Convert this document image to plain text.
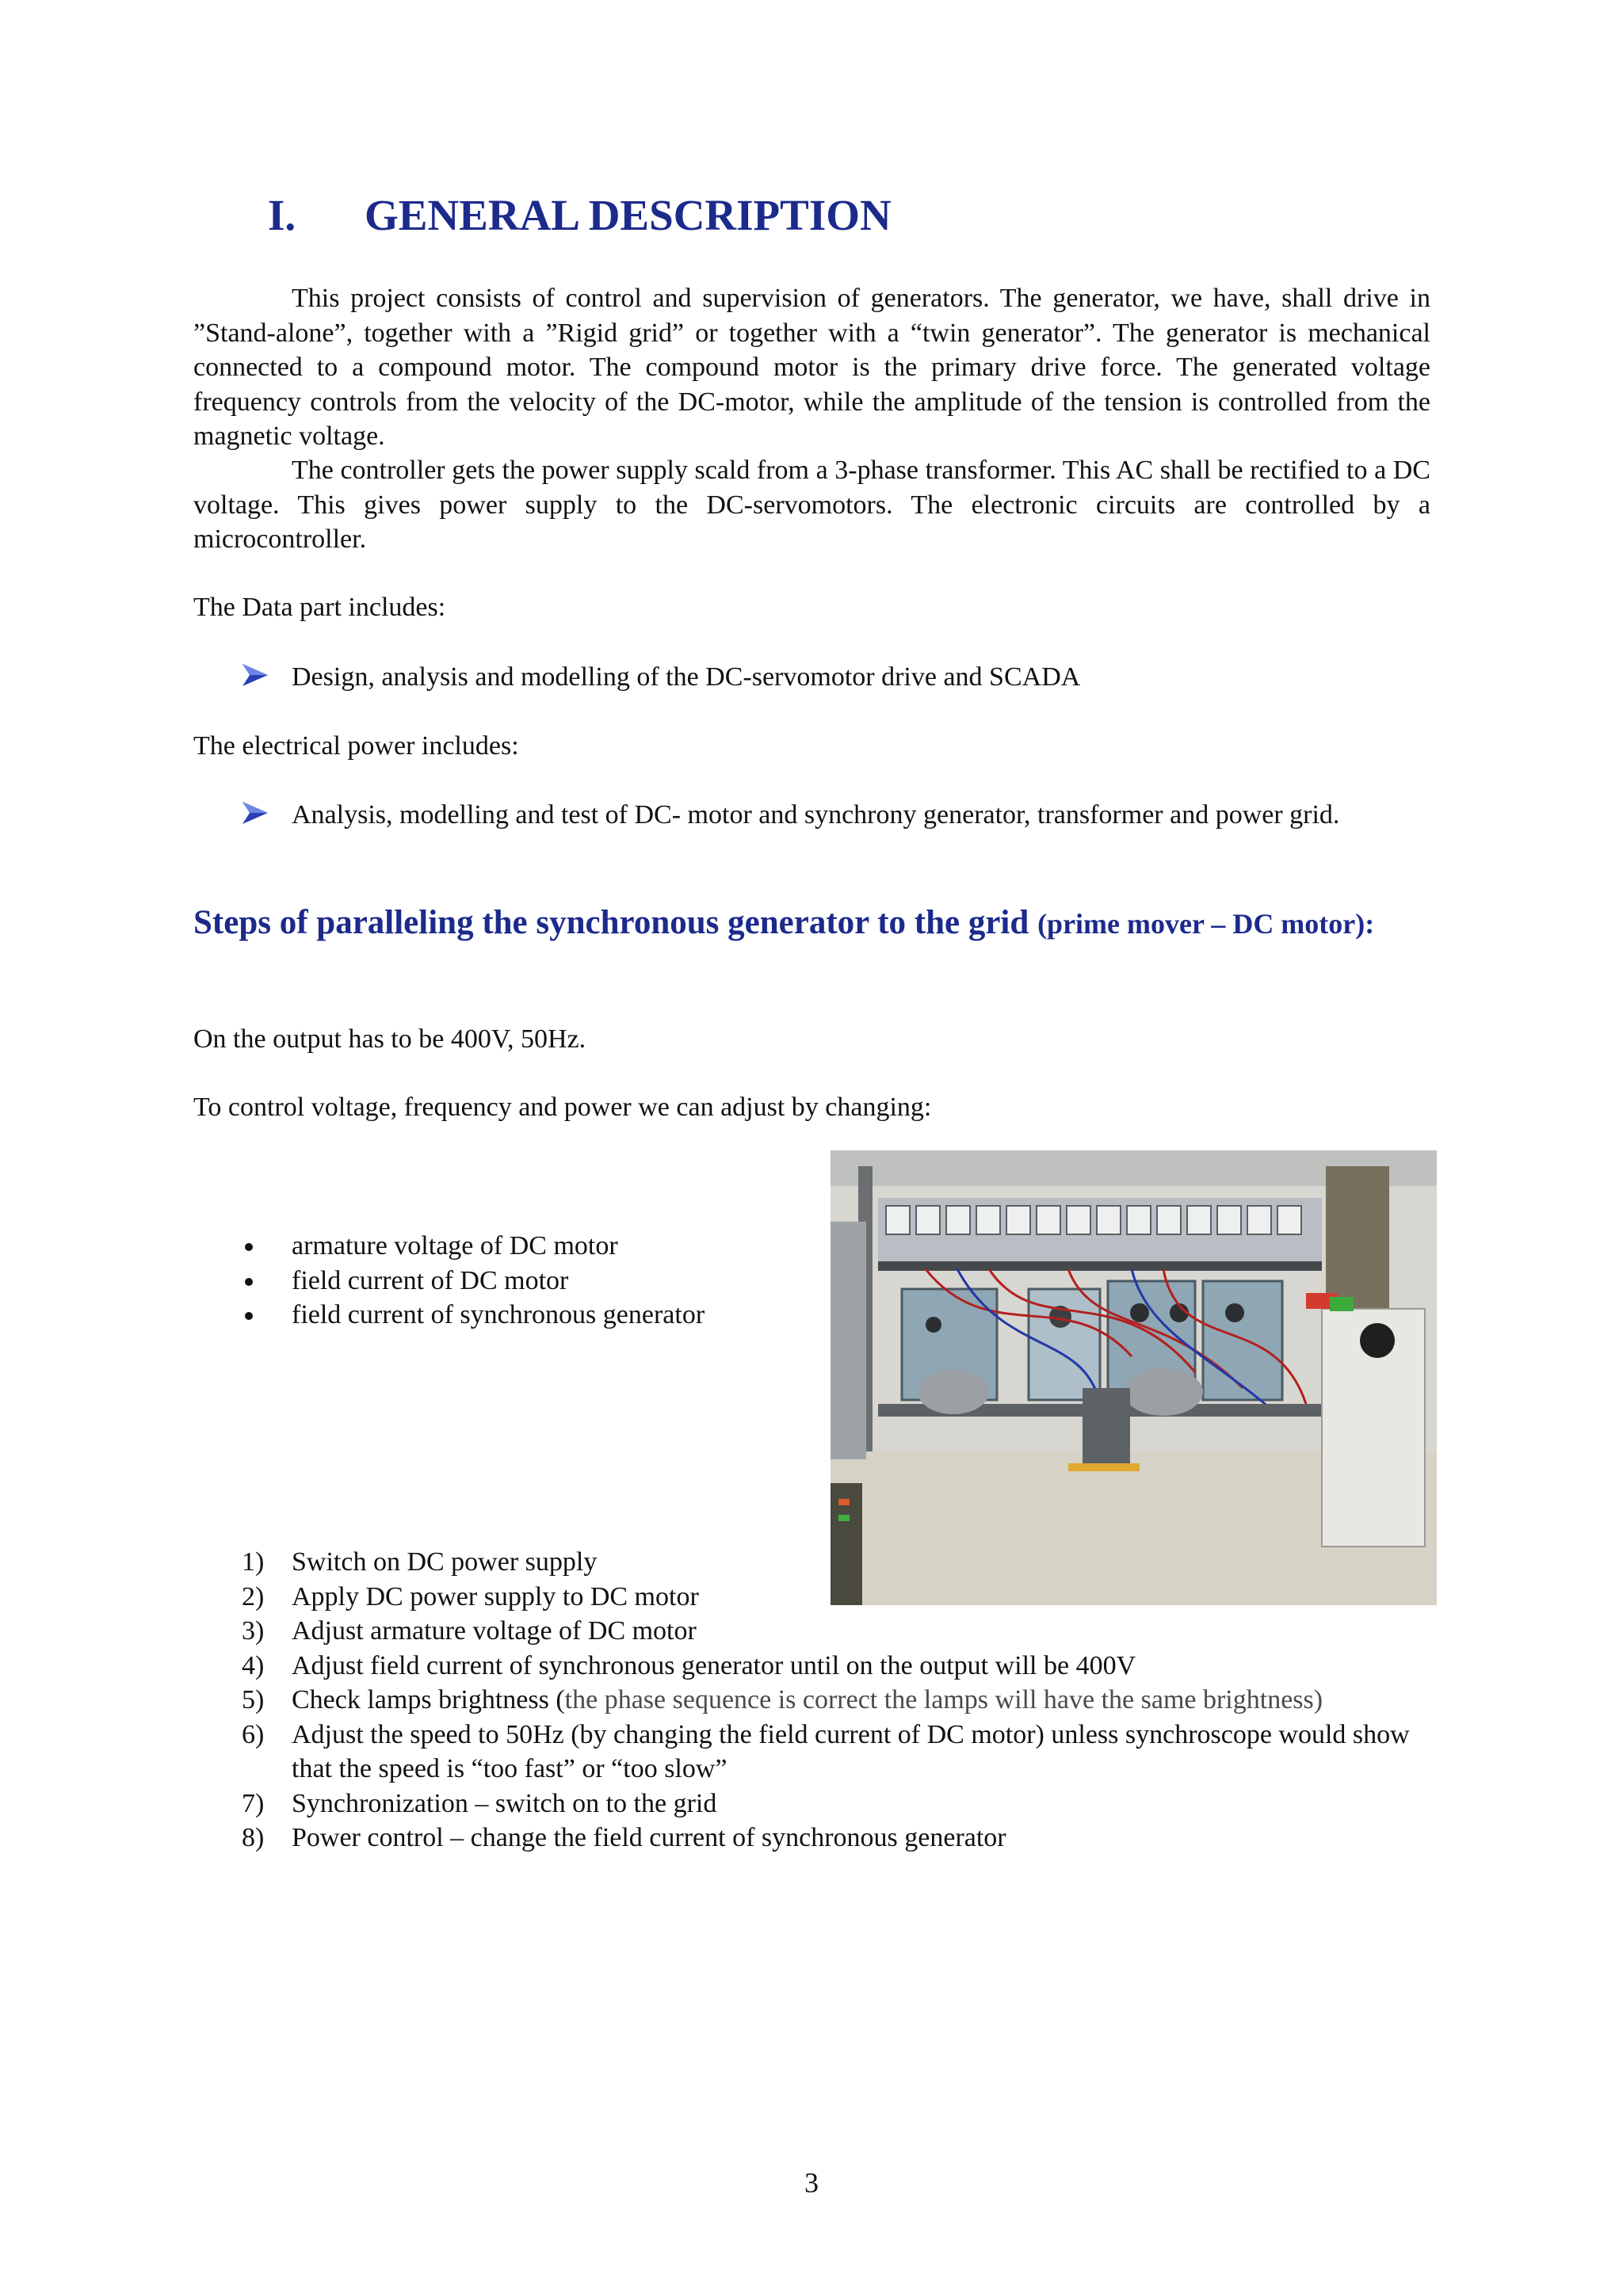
I. GENERAL DESCRIPTION
This project consists of control and supervision of generators. The generator, we have, shall drive in ”Stand-alone”, together with a ”Rigid grid” or together with a “twin generator”. The generator is mechanical connected to a compound motor. The compound motor is the primary drive force. The generated voltage frequency controls from the velocity of the DC-motor, while the amplitude of the tension is controlled from the magnetic voltage.
The controller gets the power supply scald from a 3-phase transformer. This AC shall be rectified to a DC voltage. This gives power supply to the DC-servomotors. The electronic circuits are controlled by a microcontroller.
The Data part includes:
Design, analysis and modelling of the DC-servomotor drive and SCADA
The electrical power includes:
Analysis, modelling and test of DC- motor and synchrony generator, transformer and power grid.
Steps of paralleling the synchronous generator to the grid (prime mover – DC motor):
On the output has to be 400V, 50Hz.
To control voltage, frequency and power we can adjust by changing:
armature voltage of DC motor
field current of DC motor
field current of synchronous generator
1) Switch on DC power supply
2) Apply DC power supply to DC motor
3) Adjust armature voltage of DC motor
4) Adjust field current of synchronous generator until on the output will be 400V
5) Check lamps brightness (the phase sequence is correct the lamps will have the same brightness)
6) Adjust the speed to 50Hz (by changing the field current of DC motor) unless synchroscope would show that the speed is “too fast” or “too slow”
7) Synchronization – switch on to the grid
8) Power control – change the field current of synchronous generator
3
